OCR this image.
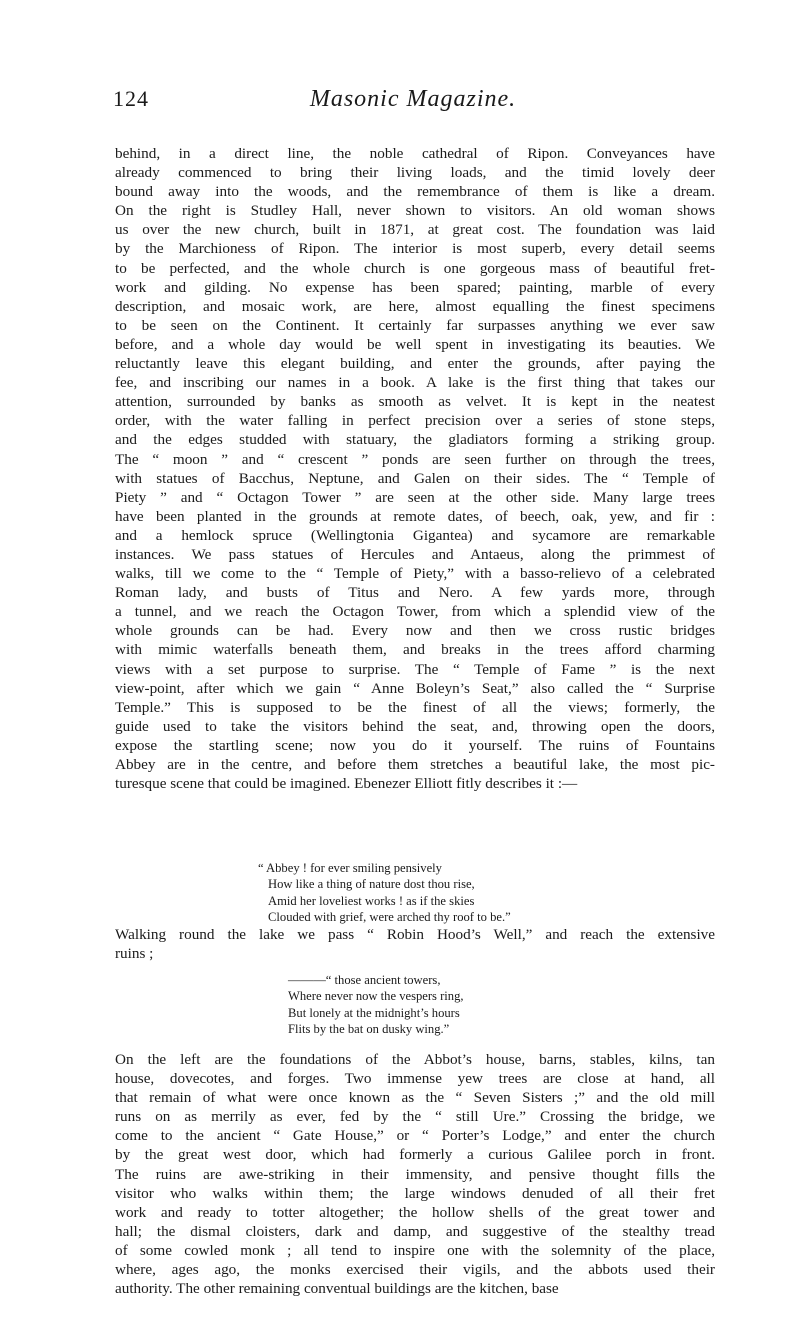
124	Masonic Magazine.
behind, in a direct line, the noble cathedral of Ripon. Conveyances have
already commenced to bring their living loads, and the timid lovely deer
bound away into the woods, and the remembrance of them is like a dream.
On the right is Studley Hall, never shown to visitors. An old woman shows
us over the new church, built in 1871, at great cost. The foundation was laid
by the Marchioness of Ripon. The interior is most superb, every detail seems
to be perfected, and the whole church is one gorgeous mass of beautiful fret-
work and gilding. No expense has been spared; painting, marble of every
description, and mosaic work, are here, almost equalling the finest specimens
to be seen on the Continent. It certainly far surpasses anything we ever saw
before, and a whole day would be well spent in investigating its beauties. We
reluctantly leave this elegant building, and enter the grounds, after paying the
fee, and inscribing our names in a book. A lake is the first thing that takes our
attention, surrounded by banks as smooth as velvet. It is kept in the neatest
order, with the water falling in perfect precision over a series of stone steps,
and the edges studded with statuary, the gladiators forming a striking group.
The “ moon ” and “ crescent ” ponds are seen further on through the trees,
with statues of Bacchus, Neptune, and Galen on their sides. The “ Temple of
Piety ” and “ Octagon Tower ” are seen at the other side. Many large trees
have been planted in the grounds at remote dates, of beech, oak, yew, and fir :
and a hemlock spruce (Wellingtonia Gigantea) and sycamore are remarkable
instances. We pass statues of Hercules and Antaeus, along the primmest of
walks, till we come to the “ Temple of Piety,” with a basso-relievo of a celebrated
Roman lady, and busts of Titus and Nero. A few yards more, through
a tunnel, and we reach the Octagon Tower, from which a splendid view of the
whole grounds can be had. Every now and then we cross rustic bridges
with mimic waterfalls beneath them, and breaks in the trees afford charming
views with a set purpose to surprise. The “ Temple of Fame ” is the next
view-point, after which we gain “ Anne Boleyn’s Seat,” also called the “ Surprise
Temple.” This is supposed to be the finest of all the views; formerly, the
guide used to take the visitors behind the seat, and, throwing open the doors,
expose the startling scene; now you do it yourself. The ruins of Fountains
Abbey are in the centre, and before them stretches a beautiful lake, the most pic-
turesque scene that could be imagined. Ebenezer Elliott fitly describes it :—
“ Abbey ! for ever smiling pensively
How like a thing of nature dost thou rise,
Amid her loveliest works ! as if the skies
Clouded with grief, were arched thy roof to be.”
Walking round the lake we pass “ Robin Hood’s Well,” and reach the extensive
ruins ;
———“ those ancient towers,
Where never now the vespers ring,
But lonely at the midnight’s hours
Flits by the bat on dusky wing.”
On the left are the foundations of the Abbot’s house, barns, stables, kilns, tan
house, dovecotes, and forges. Two immense yew trees are close at hand, all
that remain of what were once known as the “ Seven Sisters ;” and the old mill
runs on as merrily as ever, fed by the “ still Ure.” Crossing the bridge, we
come to the ancient “ Gate House,” or “ Porter’s Lodge,” and enter the church
by the great west door, which had formerly a curious Galilee porch in front.
The ruins are awe-striking in their immensity, and pensive thought fills the
visitor who walks within them; the large windows denuded of all their fret
work and ready to totter altogether; the hollow shells of the great tower and
hall; the dismal cloisters, dark and damp, and suggestive of the stealthy tread
of some cowled monk ; all tend to inspire one with the solemnity of the place,
where, ages ago, the monks exercised their vigils, and the abbots used their
authority. The other remaining conventual buildings are the kitchen, base
